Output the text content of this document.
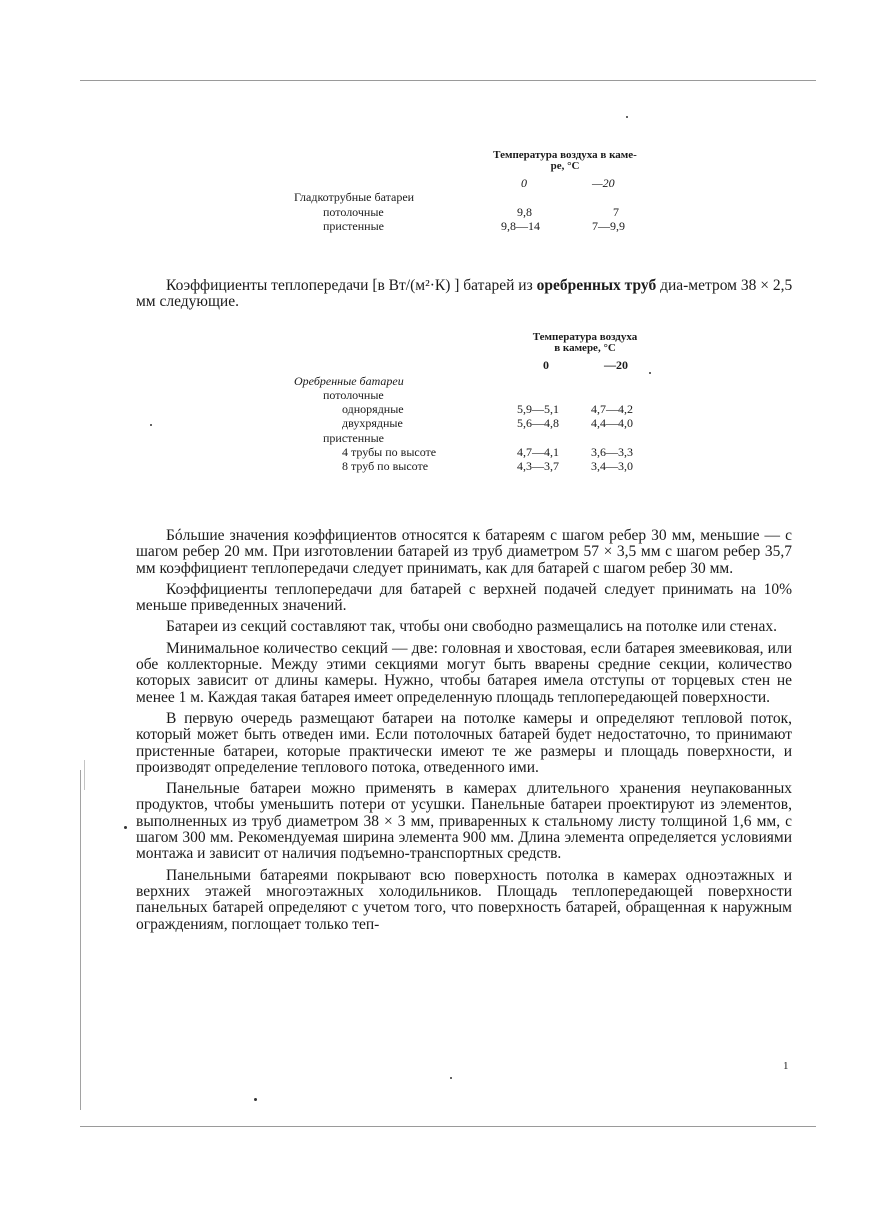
Температура воздуха в каме-
ре, °С
0	—20
Гладкотрубные батареи
потолочные	9,8	7
пристенные	9,8—14	7—9,9
Коэффициенты теплопередачи [в Вт/(м²·К) ] батарей из оребренных труб диа-метром 38 × 2,5 мм следующие.
Температура воздуха
в камере, °С
0	—20
Оребренные батареи
потолочные
однорядные	5,9—5,1	4,7—4,2
двухрядные	5,6—4,8	4,4—4,0
пристенные
4 трубы по высоте	4,7—4,1	3,6—3,3
8 труб по высоте	4,3—3,7	3,4—3,0

Бóльшие значения коэффициентов относятся к батареям с шагом ребер 30 мм, меньшие — с шагом ребер 20 мм. При изготовлении батарей из труб диаметром 57 × 3,5 мм с шагом ребер 35,7 мм коэффициент теплопередачи следует принимать, как для батарей с шагом ребер 30 мм.

Коэффициенты теплопередачи для батарей с верхней подачей следует принимать на 10% меньше приведенных значений.

Батареи из секций составляют так, чтобы они свободно размещались на потолке или стенах.

Минимальное количество секций — две: головная и хвостовая, если батарея змеевиковая, или обе коллекторные. Между этими секциями могут быть вварены средние секции, количество которых зависит от длины камеры. Нужно, чтобы батарея имела отступы от торцевых стен не менее 1 м. Каждая такая батарея имеет определенную площадь теплопередающей поверхности.

В первую очередь размещают батареи на потолке камеры и определяют тепловой поток, который может быть отведен ими. Если потолочных батарей будет недостаточно, то принимают пристенные батареи, которые практически имеют те же размеры и площадь поверхности, и производят определение теплового потока, отведенного ими.

Панельные батареи можно применять в камерах длительного хранения неупакованных продуктов, чтобы уменьшить потери от усушки. Панельные батареи проектируют из элементов, выполненных из труб диаметром 38 × 3 мм, приваренных к стальному листу толщиной 1,6 мм, с шагом 300 мм. Рекомендуемая ширина элемента 900 мм. Длина элемента определяется условиями монтажа и зависит от наличия подъемно-транспортных средств.

Панельными батареями покрывают всю поверхность потолка в камерах одноэтажных и верхних этажей многоэтажных холодильников. Площадь теплопередающей поверхности панельных батарей определяют с учетом того, что поверхность батарей, обращенная к наружным ограждениям, поглощает только теп-

1
